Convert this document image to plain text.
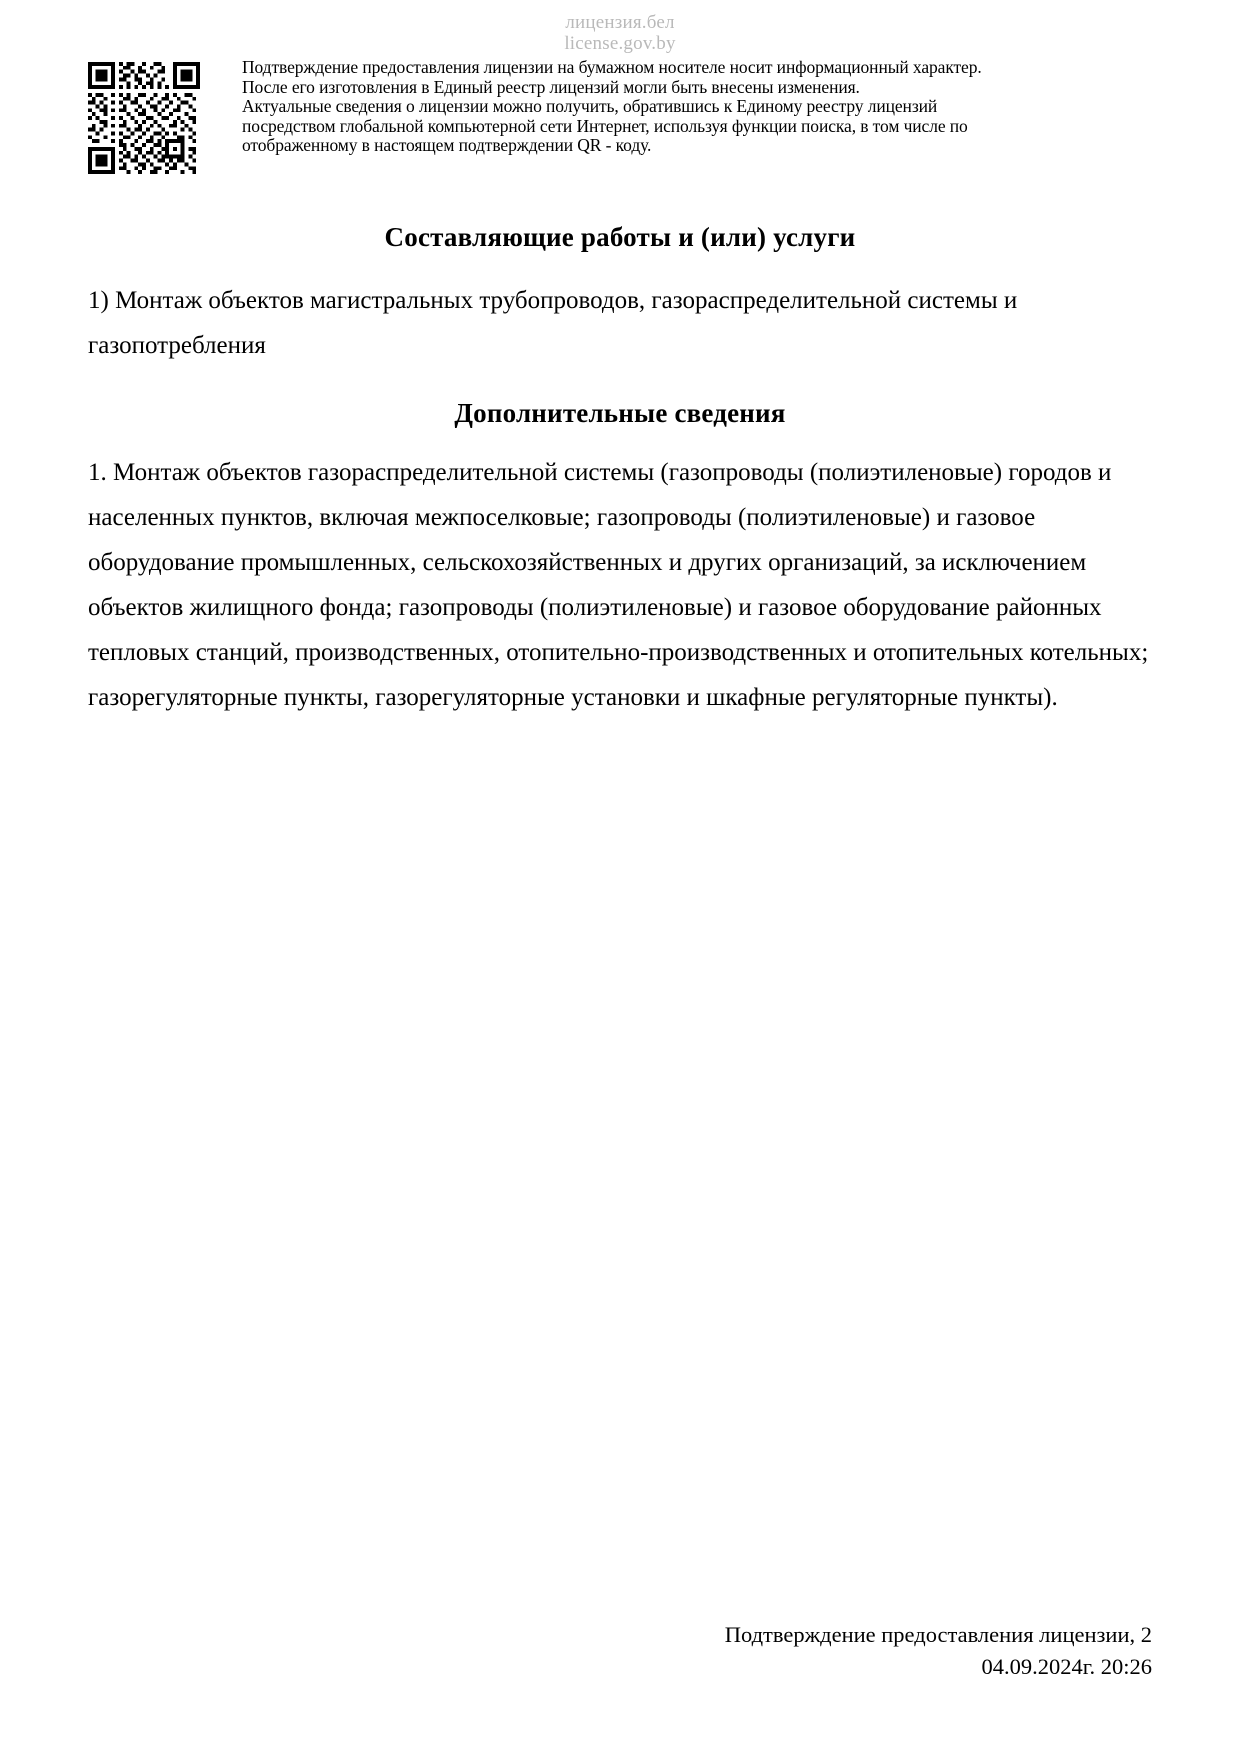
лицензия.бел
license.gov.by

Подтверждение предоставления лицензии на бумажном носителе носит информационный характер.

После его изготовления в Единый реестр лицензий могли быть внесены изменения.

Актуальные сведения о лицензии можно получить, обратившись к Единому реестру лицензий

посредством глобальной компьютерной сети Интернет, используя функции поиска, в том числе по

отображенному в настоящем подтверждении QR - коду.

Составляющие работы и (или) услуги
1) Монтаж объектов магистральных трубопроводов, газораспределительной системы и газопотребления
Дополнительные сведения
1. Монтаж объектов газораспределительной системы (газопроводы (полиэтиленовые) городов и населенных пунктов, включая межпоселковые; газопроводы (полиэтиленовые) и газовое оборудование промышленных, сельскохозяйственных и других организаций, за исключением объектов жилищного фонда; газопроводы (полиэтиленовые) и газовое оборудование районных тепловых станций, производственных, отопительно-производственных и отопительных котельных; газорегуляторные пункты, газорегуляторные установки и шкафные регуляторные пункты).
Подтверждение предоставления лицензии, 2
04.09.2024г. 20:26
